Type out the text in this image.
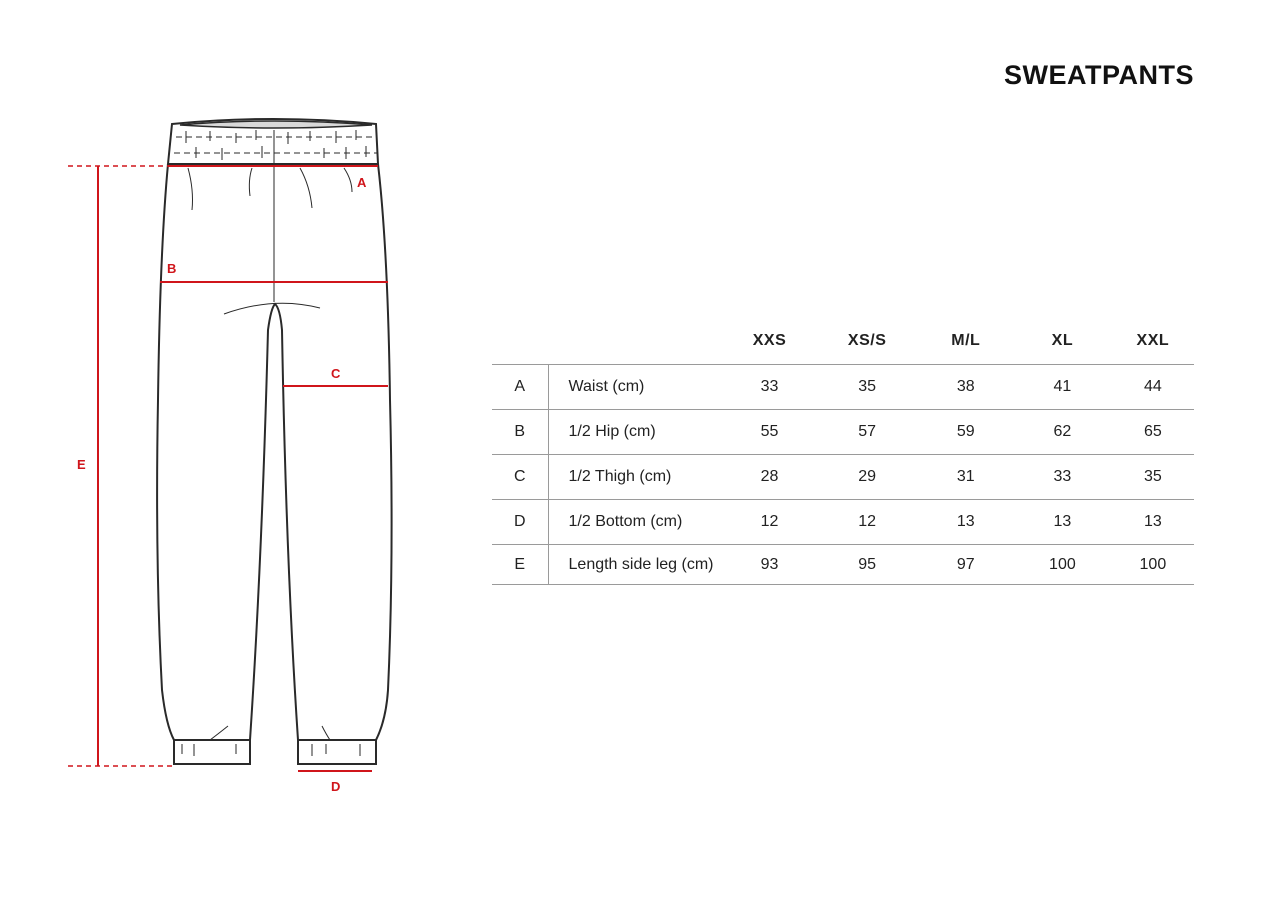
SWEATPANTS
A
B
C
D
E
		XXS	XS/S	M/L	XL	XXL
A	Waist (cm)	33	35	38	41	44
B	1/2 Hip (cm)	55	57	59	62	65
C	1/2 Thigh (cm)	28	29	31	33	35
D	1/2 Bottom (cm)	12	12	13	13	13
E	Length side leg (cm)	93	95	97	100	100
